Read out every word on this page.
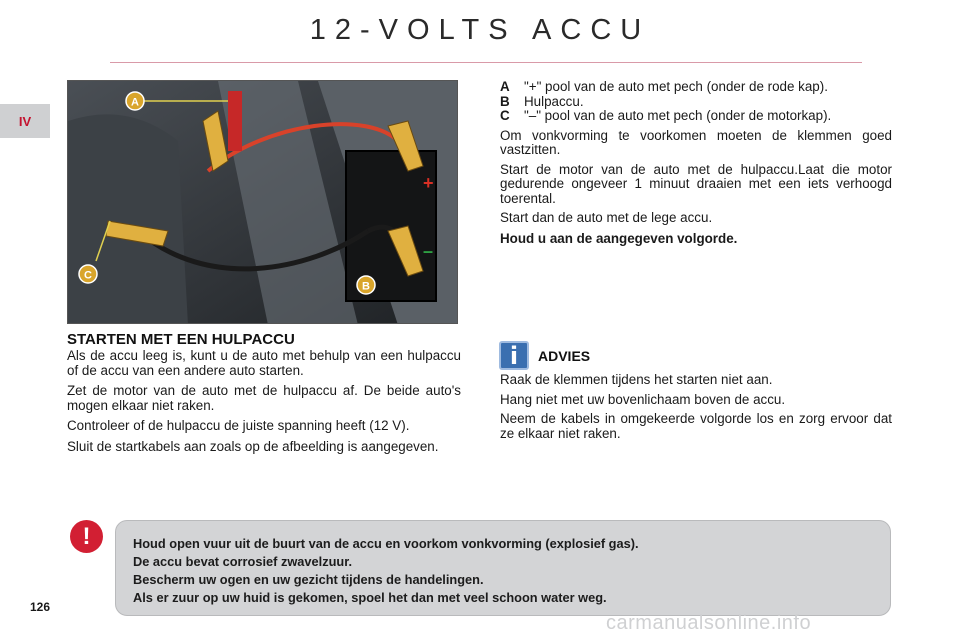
12-VOLTS ACCU
IV
+
–
A
C
B
STARTEN MET EEN HULPACCU

Als de accu leeg is, kunt u de auto met behulp van een hulpaccu of de accu van een andere auto starten.

Zet de motor van de auto met de hulpaccu af. De beide auto's mogen elkaar niet raken.

Controleer of de hulpaccu de juiste spanning heeft (12 V).

Sluit de startkabels aan zoals op de afbeelding is aangegeven.

A	"+" pool van de auto met pech (onder de rode kap).
B	Hulpaccu.
C	"–" pool van de auto met pech (onder de motorkap).

Om vonkvorming te voorkomen moeten de klemmen goed vastzitten.

Start de motor van de auto met de hulpaccu.Laat die motor gedurende ongeveer 1 minuut draaien met een iets verhoogd toerental.

Start dan de auto met de lege accu.

Houd u aan de aangegeven volgorde.

i	ADVIES

Raak de klemmen tijdens het starten niet aan.

Hang niet met uw bovenlichaam boven de accu.

Neem de kabels in omgekeerde volgorde los en zorg ervoor dat ze elkaar niet raken.

!	Houd open vuur uit de buurt van de accu en voorkom vonkvorming (explosief gas).

De accu bevat corrosief zwavelzuur.

Bescherm uw ogen en uw gezicht tijdens de handelingen.

Als er zuur op uw huid is gekomen, spoel het dan met veel schoon water weg.

126
carmanualsonline.info
